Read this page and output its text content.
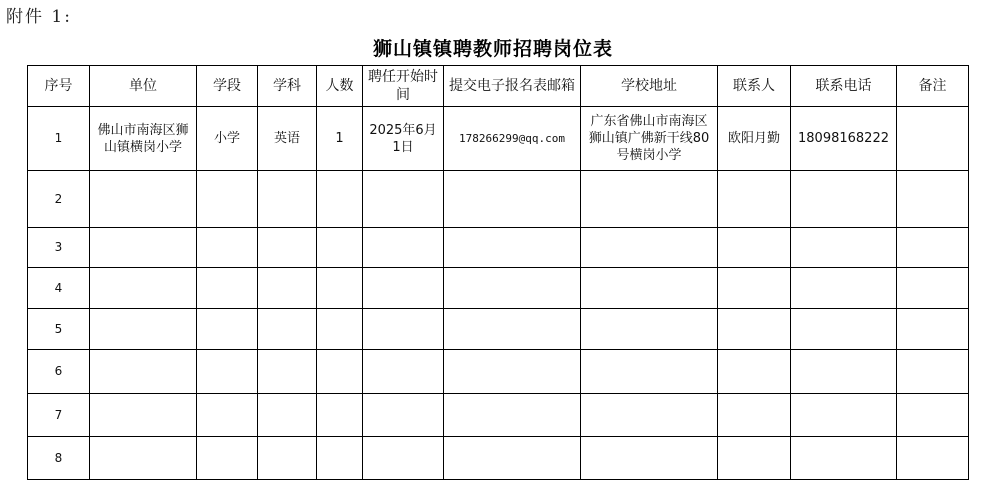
附件 1:
狮山镇镇聘教师招聘岗位表
序号	单位	学段	学科	人数	聘任开始时间	提交电子报名表邮箱	学校地址	联系人	联系电话	备注
1	佛山市南海区狮山镇横岗小学	小学	英语	1	2025年6月1日	178266299@qq.com	广东省佛山市南海区狮山镇广佛新干线80号横岗小学	欧阳月勤	18098168222	
2										
3										
4										
5										
6										
7										
8										
